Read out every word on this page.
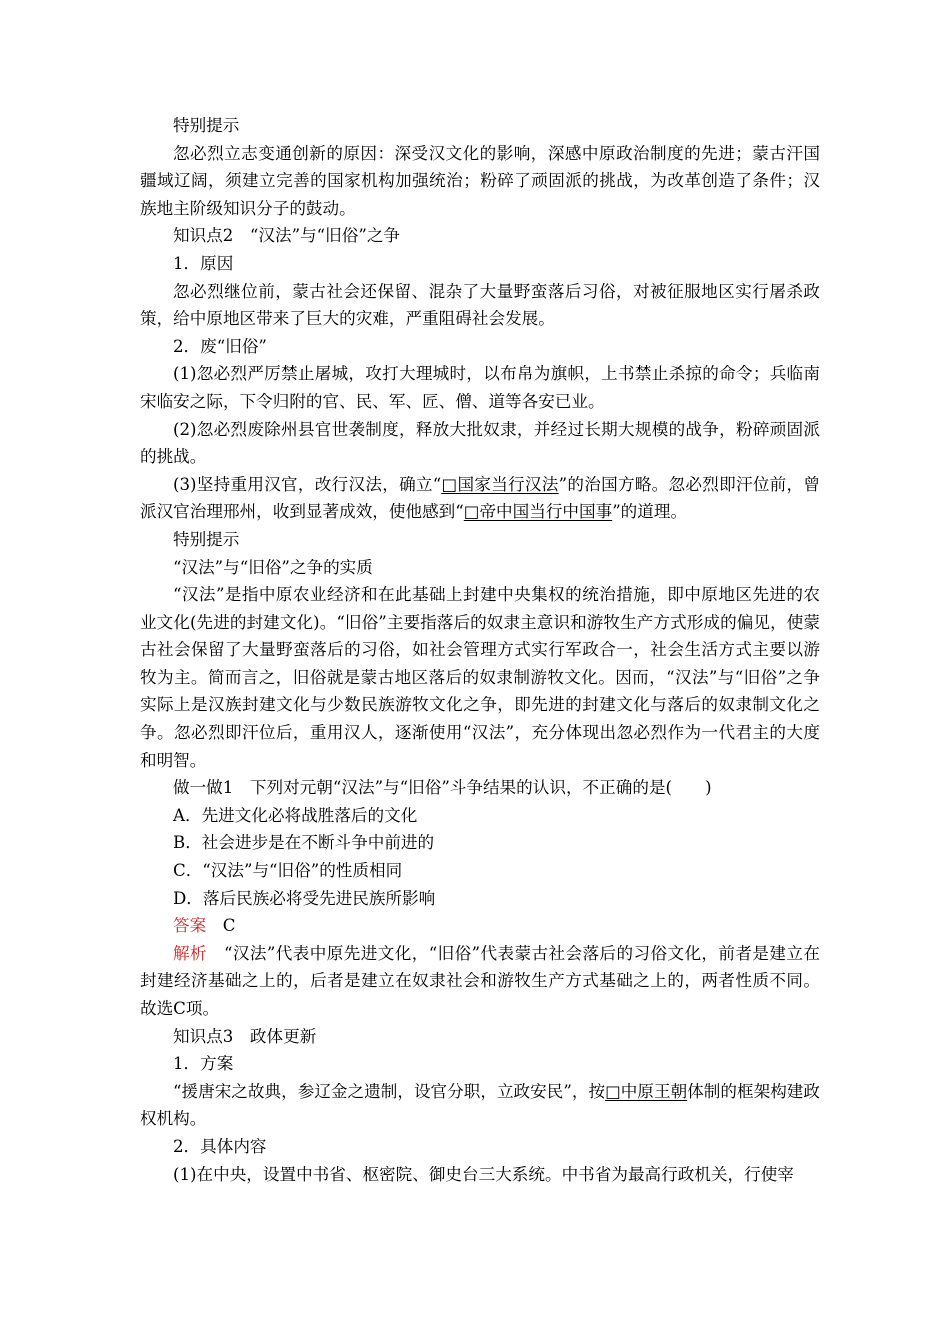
特别提示

忽必烈立志变通创新的原因：深受汉文化的影响，深感中原政治制度的先进；蒙古汗国疆域辽阔，须建立完善的国家机构加强统治；粉碎了顽固派的挑战，为改革创造了条件；汉族地主阶级知识分子的鼓动。

知识点2　“汉法”与“旧俗”之争

1．原因

忽必烈继位前，蒙古社会还保留、混杂了大量野蛮落后习俗，对被征服地区实行屠杀政策，给中原地区带来了巨大的灾难，严重阻碍社会发展。

2．废“旧俗”

(1)忽必烈严厉禁止屠城，攻打大理城时，以布帛为旗帜，上书禁止杀掠的命令；兵临南宋临安之际，下令归附的官、民、军、匠、僧、道等各安已业。

(2)忽必烈废除州县官世袭制度，释放大批奴隶，并经过长期大规模的战争，粉碎顽固派的挑战。

(3)坚持重用汉官，改行汉法，确立“□国家当行汉法”的治国方略。忽必烈即汗位前，曾派汉官治理邢州，收到显著成效，使他感到“□帝中国当行中国事”的道理。

特别提示

“汉法”与“旧俗”之争的实质

“汉法”是指中原农业经济和在此基础上封建中央集权的统治措施，即中原地区先进的农业文化(先进的封建文化)。“旧俗”主要指落后的奴隶主意识和游牧生产方式形成的偏见，使蒙古社会保留了大量野蛮落后的习俗，如社会管理方式实行军政合一，社会生活方式主要以游牧为主。简而言之，旧俗就是蒙古地区落后的奴隶制游牧文化。因而，“汉法”与“旧俗”之争实际上是汉族封建文化与少数民族游牧文化之争，即先进的封建文化与落后的奴隶制文化之争。忽必烈即汗位后，重用汉人，逐渐使用“汉法”，充分体现出忽必烈作为一代君主的大度和明智。

做一做1　下列对元朝“汉法”与“旧俗”斗争结果的认识，不正确的是(　　)

A．先进文化必将战胜落后的文化

B．社会进步是在不断斗争中前进的

C．“汉法”与“旧俗”的性质相同

D．落后民族必将受先进民族所影响

答案　 C

解析　 “汉法”代表中原先进文化，“旧俗”代表蒙古社会落后的习俗文化，前者是建立在封建经济基础之上的，后者是建立在奴隶社会和游牧生产方式基础之上的，两者性质不同。故选C项。

知识点3　政体更新

1．方案

“援唐宋之故典，参辽金之遗制，设官分职，立政安民”，按□中原王朝体制的框架构建政权机构。

2．具体内容

(1)在中央，设置中书省、枢密院、御史台三大系统。中书省为最高行政机关，行使宰
